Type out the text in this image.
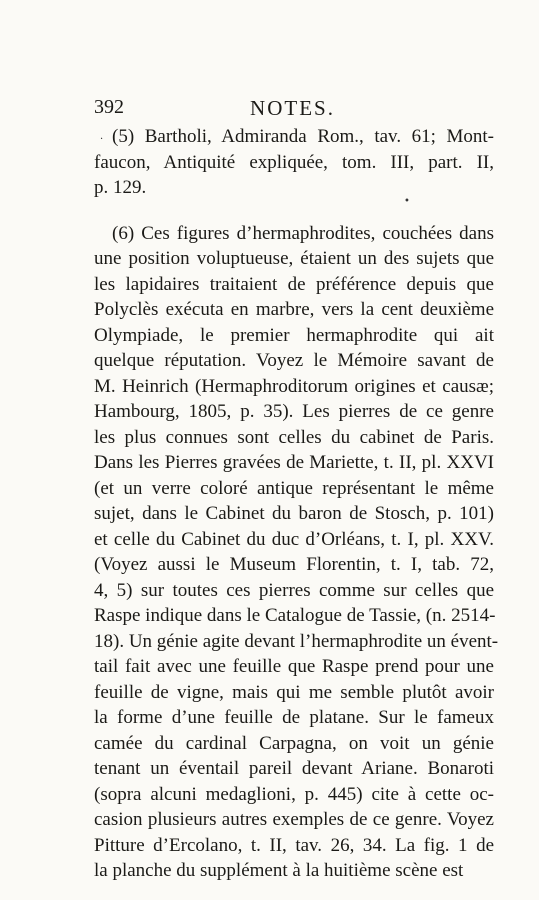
392	NOTES.
·
•
(5) Bartholi, Admiranda Rom., tav. 61; Mont-
faucon, Antiquité expliquée, tom. III, part. II,
p. 129.
(6) Ces figures d’hermaphrodites, couchées dans
une position voluptueuse, étaient un des sujets que
les lapidaires traitaient de préférence depuis que
Polyclès exécuta en marbre, vers la cent deuxième
Olympiade, le premier hermaphrodite qui ait
quelque réputation. Voyez le Mémoire savant de
M. Heinrich (Hermaphroditorum origines et causæ;
Hambourg, 1805, p. 35). Les pierres de ce genre
les plus connues sont celles du cabinet de Paris.
Dans les Pierres gravées de Mariette, t. II, pl. XXVI
(et un verre coloré antique représentant le même
sujet, dans le Cabinet du baron de Stosch, p. 101)
et celle du Cabinet du duc d’Orléans, t. I, pl. XXV.
(Voyez aussi le Museum Florentin, t. I, tab. 72,
4, 5) sur toutes ces pierres comme sur celles que
Raspe indique dans le Catalogue de Tassie, (n. 2514-
18). Un génie agite devant l’hermaphrodite un évent-
tail fait avec une feuille que Raspe prend pour une
feuille de vigne, mais qui me semble plutôt avoir
la forme d’une feuille de platane. Sur le fameux
camée du cardinal Carpagna, on voit un génie
tenant un éventail pareil devant Ariane. Bonaroti
(sopra alcuni medaglioni, p. 445) cite à cette oc-
casion plusieurs autres exemples de ce genre. Voyez
Pitture d’Ercolano, t. II, tav. 26, 34. La fig. 1 de
la planche du supplément à la huitième scène est
